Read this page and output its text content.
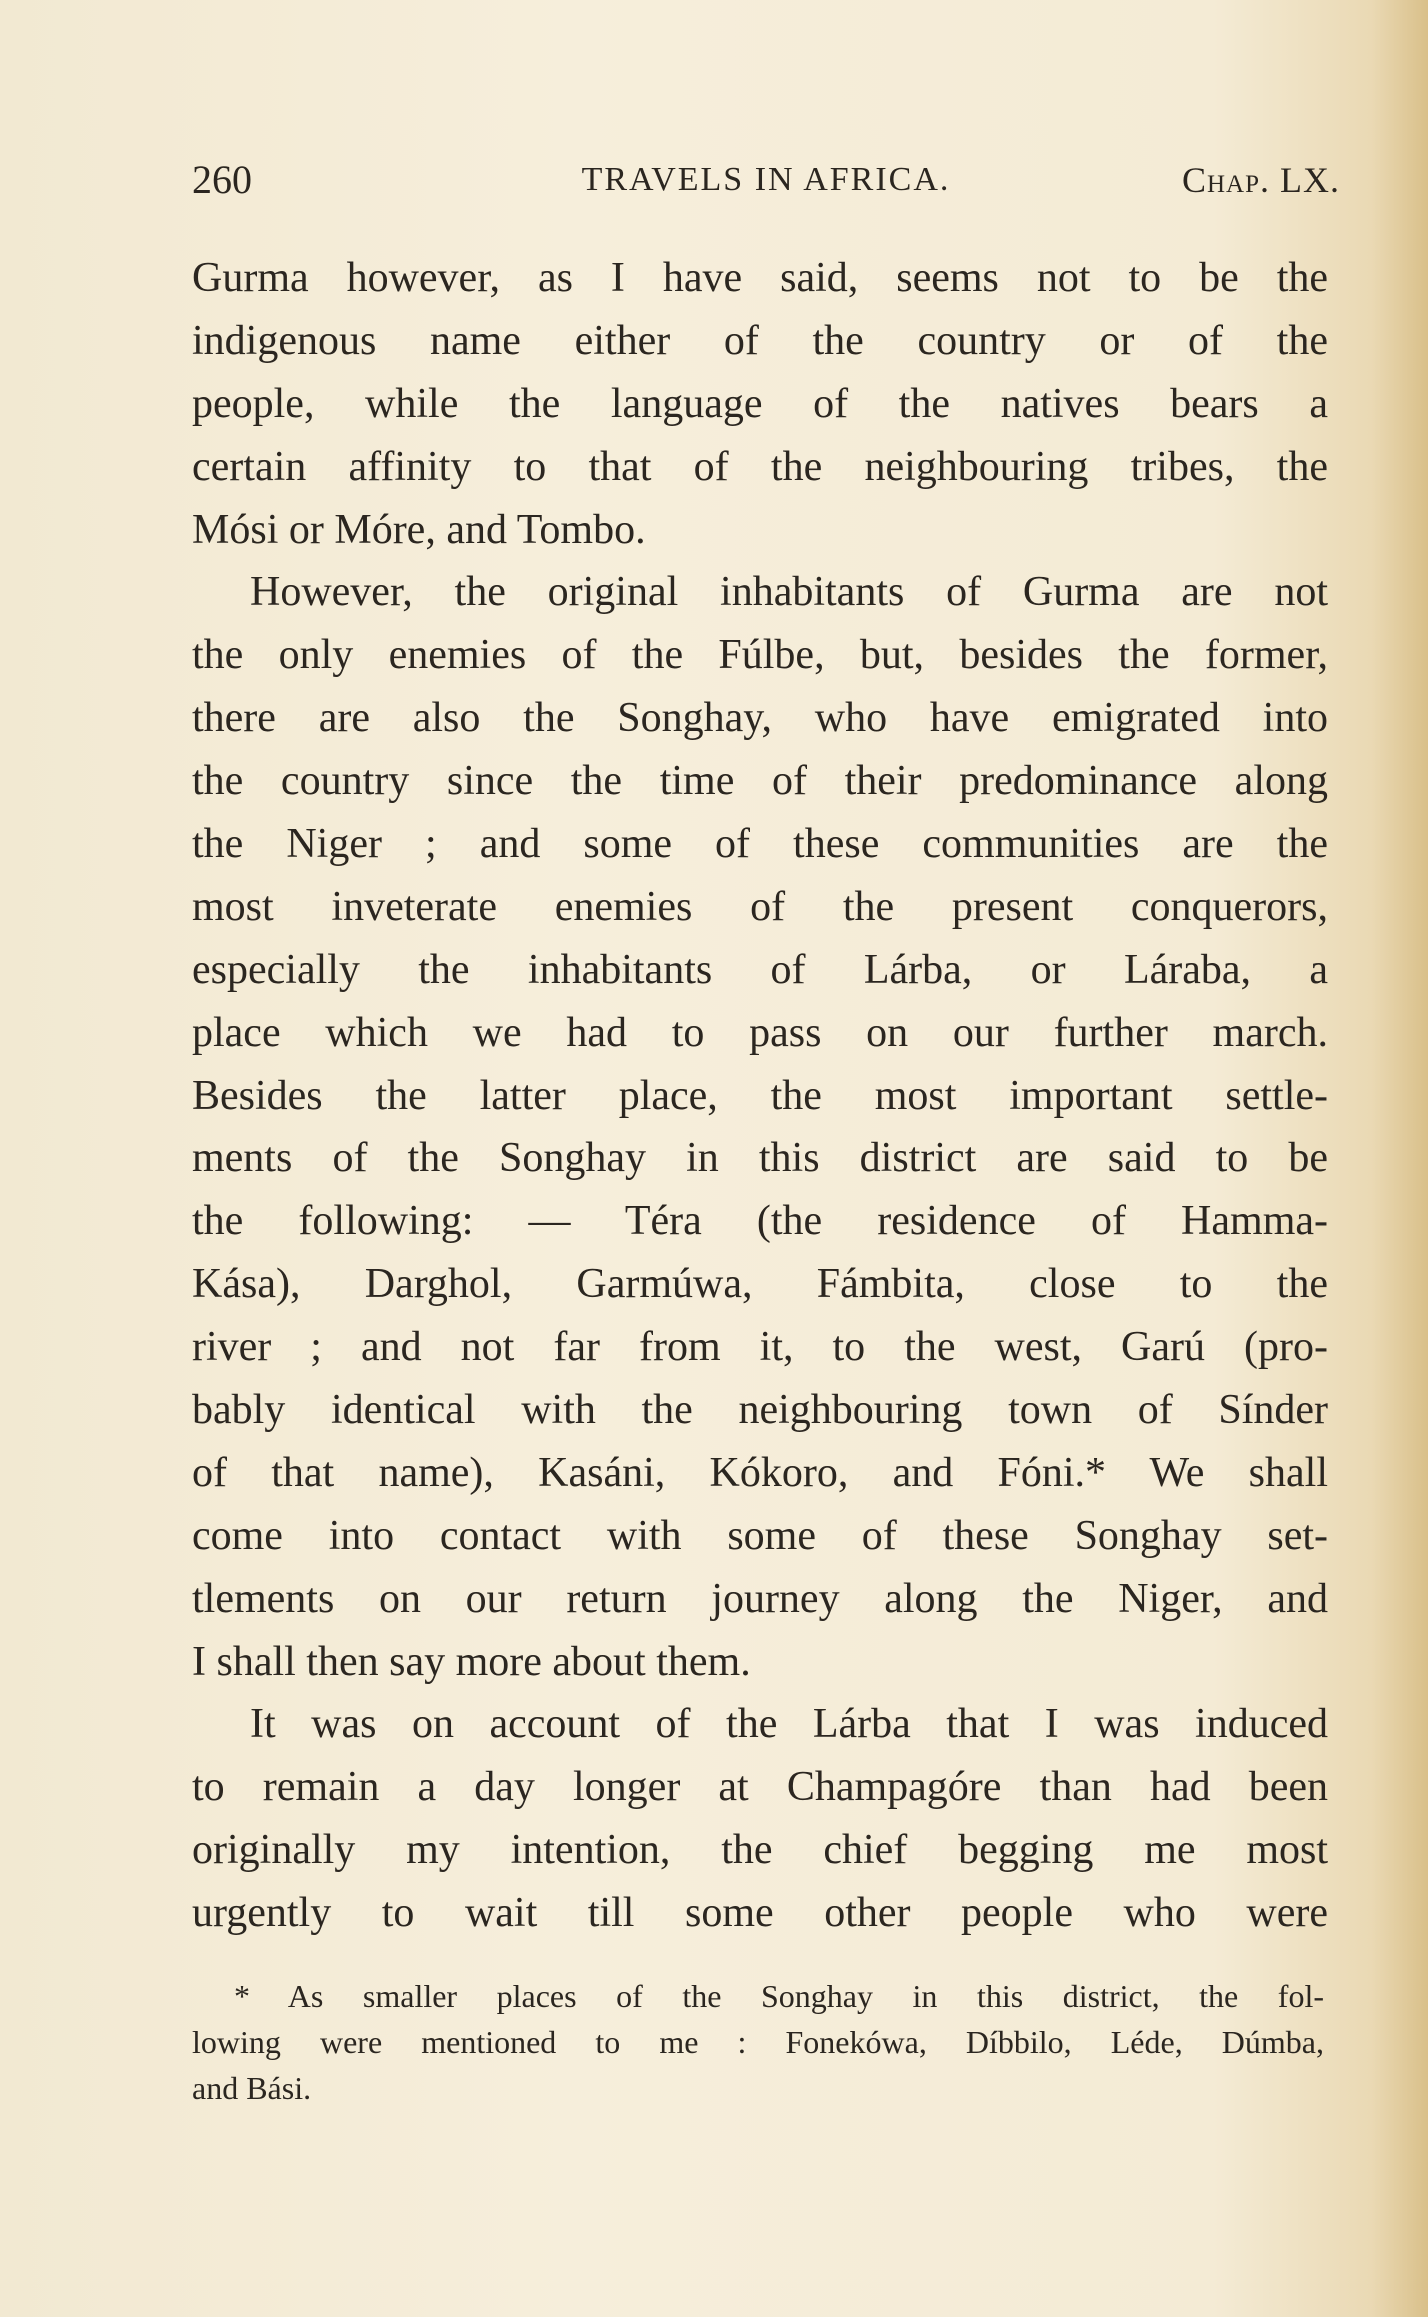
260	TRAVELS IN AFRICA.	Chap. LX.
Gurma however, as I have said, seems not to be the
indigenous name either of the country or of the
people, while the language of the natives bears a
certain affinity to that of the neighbouring tribes, the
Mósi or Móre, and Tombo.
However, the original inhabitants of Gurma are not
the only enemies of the Fúlbe, but, besides the former,
there are also the Songhay, who have emigrated into
the country since the time of their predominance along
the Niger ; and some of these communities are the
most inveterate enemies of the present conquerors,
especially the inhabitants of Lárba, or Láraba, a
place which we had to pass on our further march.
Besides the latter place, the most important settle-
ments of the Songhay in this district are said to be
the following: — Téra (the residence of Hamma-
Kása), Darghol, Garmúwa, Fámbita, close to the
river ; and not far from it, to the west, Garú (pro-
bably identical with the neighbouring town of Sínder
of that name), Kasáni, Kókoro, and Fóni.* We shall
come into contact with some of these Songhay set-
tlements on our return journey along the Niger, and
I shall then say more about them.
It was on account of the Lárba that I was induced
to remain a day longer at Champagóre than had been
originally my intention, the chief begging me most
urgently to wait till some other people who were
* As smaller places of the Songhay in this district, the fol-
lowing were mentioned to me : Fonekówa, Díbbilo, Léde, Dúmba,
and Bási.
